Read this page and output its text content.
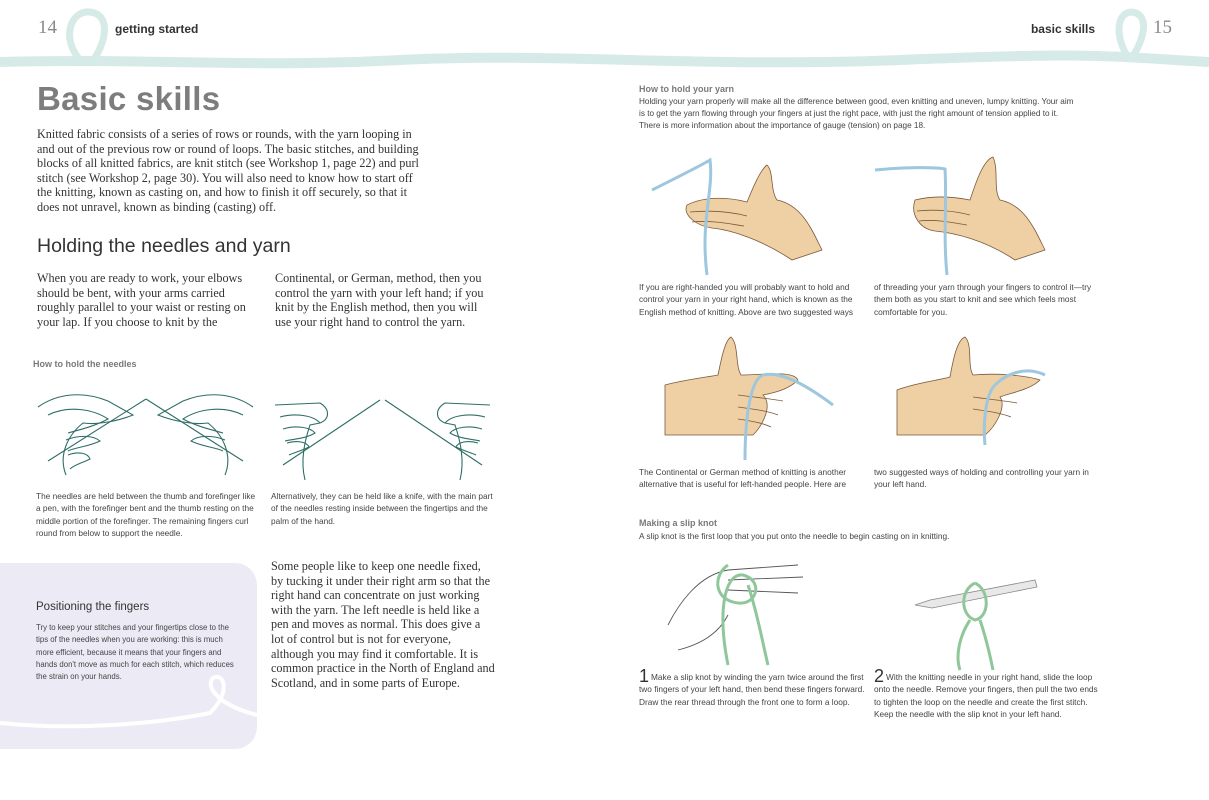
14	getting started	basic skills	15
Basic skills
Knitted fabric consists of a series of rows or rounds, with the yarn looping in and out of the previous row or round of loops. The basic stitches, and building blocks of all knitted fabrics, are knit stitch (see Workshop 1, page 22) and purl stitch (see Workshop 2, page 30). You will also need to know how to start off the knitting, known as casting on, and how to finish it off securely, so that it does not unravel, known as binding (casting) off.
Holding the needles and yarn
When you are ready to work, your elbows should be bent, with your arms carried roughly parallel to your waist or resting on your lap. If you choose to knit by the
Continental, or German, method, then you control the yarn with your left hand; if you knit by the English method, then you will use your right hand to control the yarn.
How to hold the needles
The needles are held between the thumb and forefinger like a pen, with the forefinger bent and the thumb resting on the middle portion of the forefinger. The remaining fingers curl round from below to support the needle.
Alternatively, they can be held like a knife, with the main part of the needles resting inside between the fingertips and the palm of the hand.
Positioning the fingers
Try to keep your stitches and your fingertips close to the tips of the needles when you are working: this is much more efficient, because it means that your fingers and hands don't move as much for each stitch, which reduces the strain on your hands.
Some people like to keep one needle fixed, by tucking it under their right arm so that the right hand can concentrate on just working with the yarn. The left needle is held like a pen and moves as normal. This does give a lot of control but is not for everyone, although you may find it comfortable. It is common practice in the North of England and Scotland, and in some parts of Europe.
How to hold your yarn
Holding your yarn properly will make all the difference between good, even knitting and uneven, lumpy knitting. Your aim is to get the yarn flowing through your fingers at just the right pace, with just the right amount of tension applied to it. There is more information about the importance of gauge (tension) on page 18.
If you are right-handed you will probably want to hold and control your yarn in your right hand, which is known as the English method of knitting. Above are two suggested ways
of threading your yarn through your fingers to control it—try them both as you start to knit and see which feels most comfortable for you.
The Continental or German method of knitting is another alternative that is useful for left-handed people. Here are
two suggested ways of holding and controlling your yarn in your left hand.
Making a slip knot
A slip knot is the first loop that you put onto the needle to begin casting on in knitting.
1 Make a slip knot by winding the yarn twice around the first two fingers of your left hand, then bend these fingers forward. Draw the rear thread through the front one to form a loop.
2 With the knitting needle in your right hand, slide the loop onto the needle. Remove your fingers, then pull the two ends to tighten the loop on the needle and create the first stitch. Keep the needle with the slip knot in your left hand.
